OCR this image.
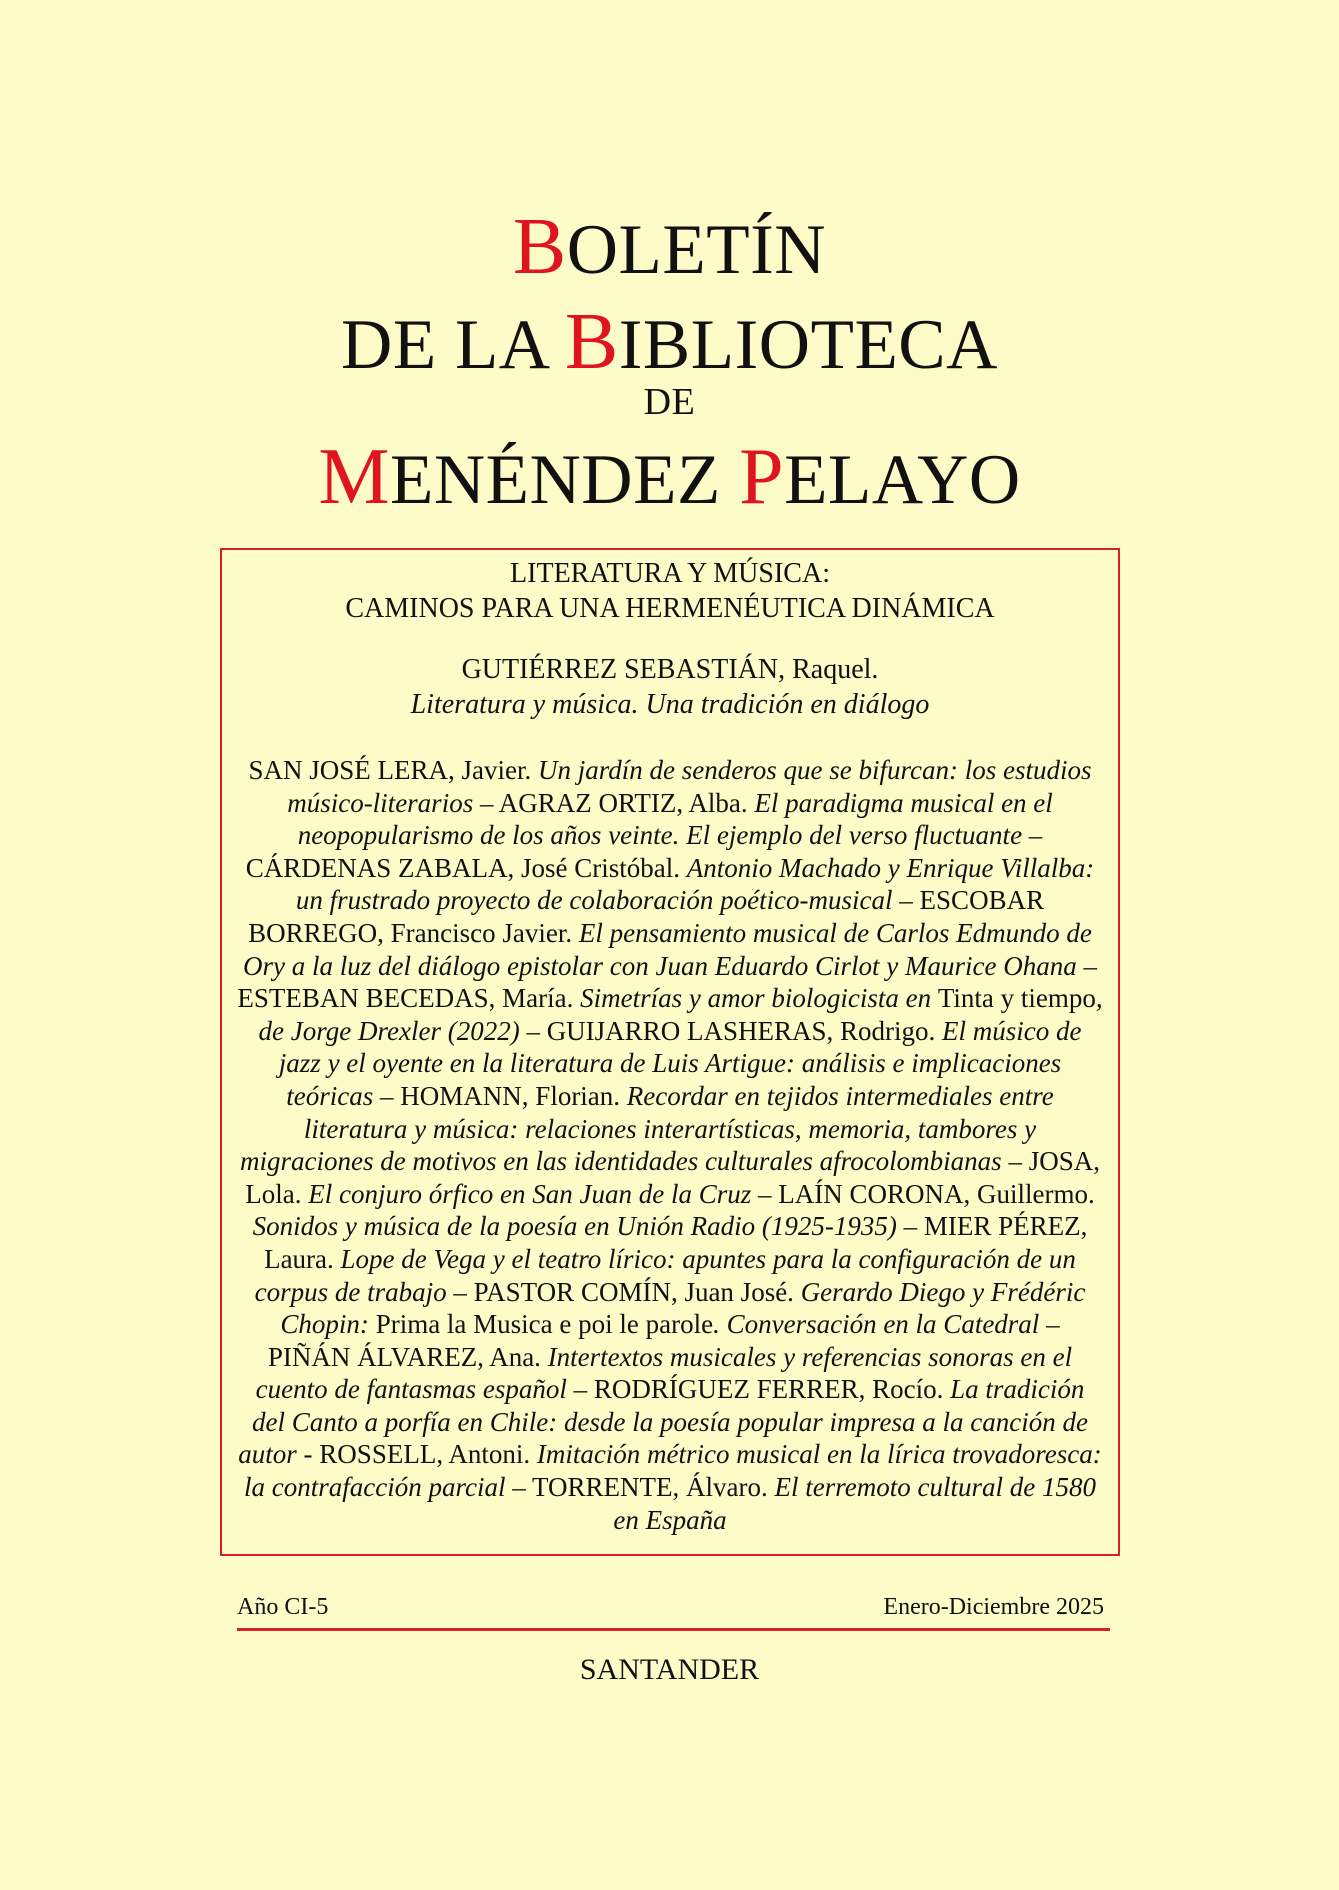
BOLETÍN
DE LA BIBLIOTECA
DE
MENÉNDEZ PELAYO
LITERATURA Y MÚSICA:
CAMINOS PARA UNA HERMENÉUTICA DINÁMICA
GUTIÉRREZ SEBASTIÁN, Raquel.
Literatura y música. Una tradición en diálogo
SAN JOSÉ LERA, Javier. Un jardín de senderos que se bifurcan: los estudios músico-literarios – AGRAZ ORTIZ, Alba. El paradigma musical en el neopopularismo de los años veinte. El ejemplo del verso fluctuante – CÁRDENAS ZABALA, José Cristóbal. Antonio Machado y Enrique Villalba: un frustrado proyecto de colaboración poético-musical – ESCOBAR BORREGO, Francisco Javier. El pensamiento musical de Carlos Edmundo de Ory a la luz del diálogo epistolar con Juan Eduardo Cirlot y Maurice Ohana – ESTEBAN BECEDAS, María. Simetrías y amor biologicista en Tinta y tiempo, de Jorge Drexler (2022) – GUIJARRO LASHERAS, Rodrigo. El músico de jazz y el oyente en la literatura de Luis Artigue: análisis e implicaciones teóricas – HOMANN, Florian. Recordar en tejidos intermediales entre literatura y música: relaciones interartísticas, memoria, tambores y migraciones de motivos en las identidades culturales afrocolombianas – JOSA, Lola. El conjuro órfico en San Juan de la Cruz – LAÍN CORONA, Guillermo. Sonidos y música de la poesía en Unión Radio (1925-1935) – MIER PÉREZ, Laura. Lope de Vega y el teatro lírico: apuntes para la configuración de un corpus de trabajo – PASTOR COMÍN, Juan José. Gerardo Diego y Frédéric Chopin: Prima la Musica e poi le parole. Conversación en la Catedral – PIÑÁN ÁLVAREZ, Ana. Intertextos musicales y referencias sonoras en el cuento de fantasmas español – RODRÍGUEZ FERRER, Rocío. La tradición del Canto a porfía en Chile: desde la poesía popular impresa a la canción de autor - ROSSELL, Antoni. Imitación métrico musical en la lírica trovadoresca: la contrafacción parcial – TORRENTE, Álvaro. El terremoto cultural de 1580 en España
Año CI-5	Enero-Diciembre 2025
SANTANDER
